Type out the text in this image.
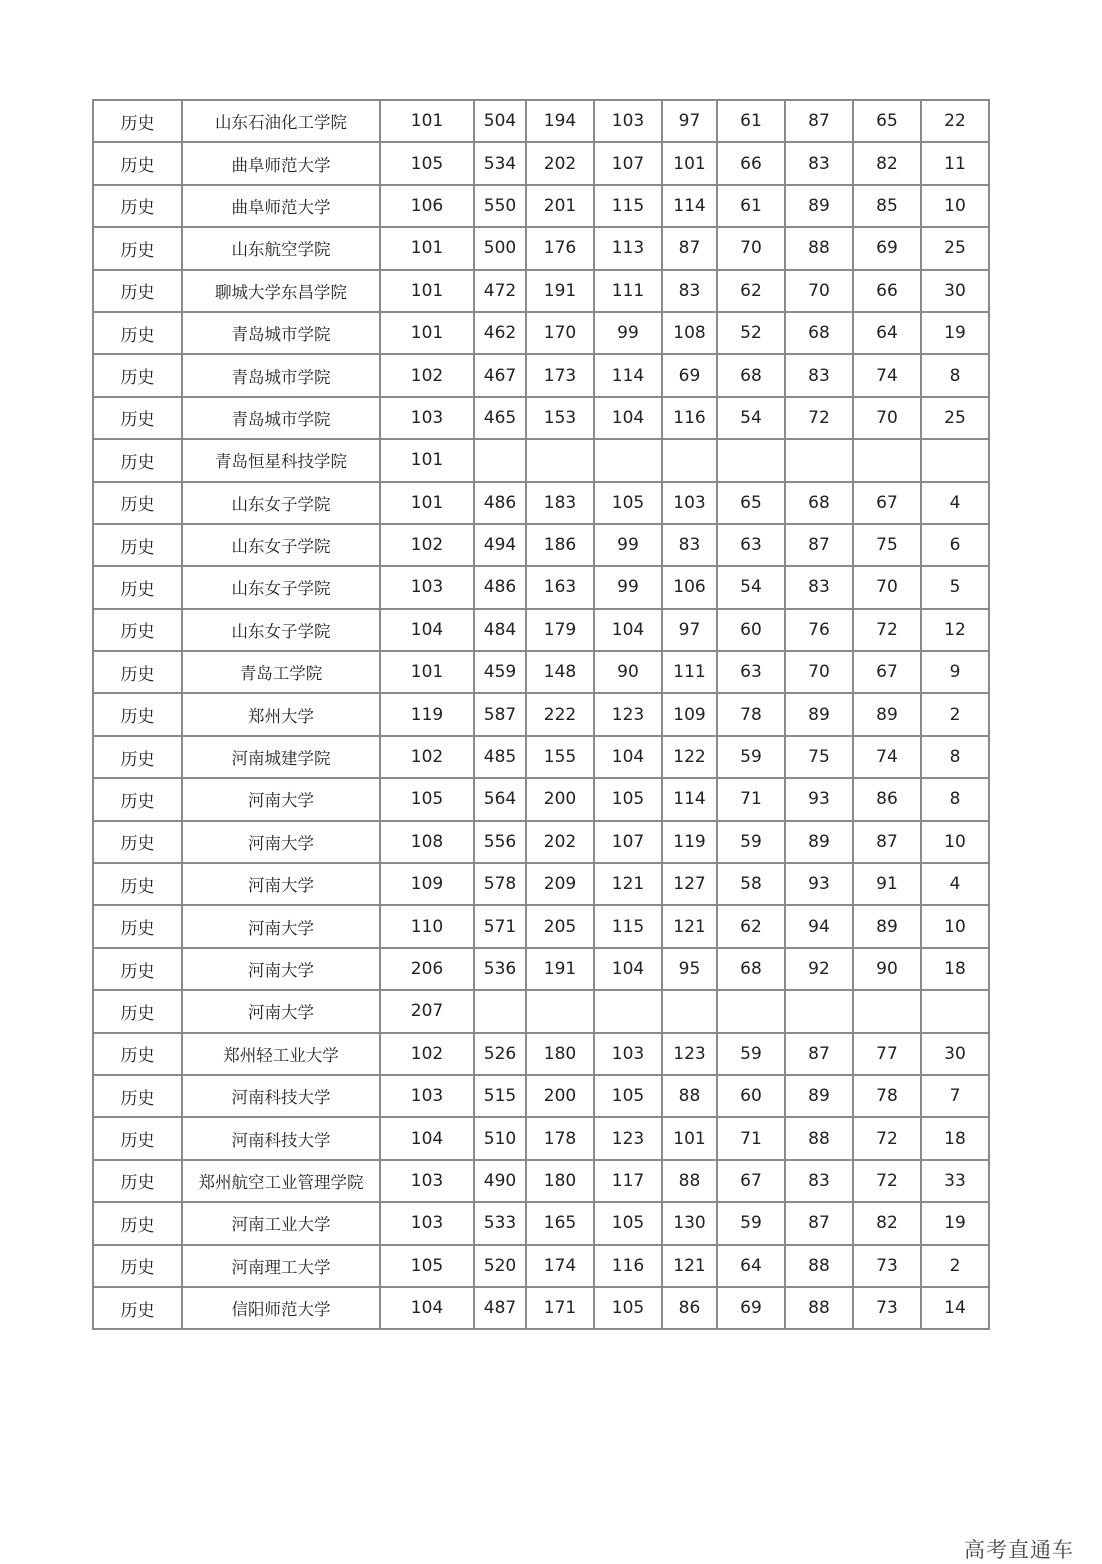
历史	山东石油化工学院	101	504	194	103	97	61	87	65	22
历史	曲阜师范大学	105	534	202	107	101	66	83	82	11
历史	曲阜师范大学	106	550	201	115	114	61	89	85	10
历史	山东航空学院	101	500	176	113	87	70	88	69	25
历史	聊城大学东昌学院	101	472	191	111	83	62	70	66	30
历史	青岛城市学院	101	462	170	99	108	52	68	64	19
历史	青岛城市学院	102	467	173	114	69	68	83	74	8
历史	青岛城市学院	103	465	153	104	116	54	72	70	25
历史	青岛恒星科技学院	101								
历史	山东女子学院	101	486	183	105	103	65	68	67	4
历史	山东女子学院	102	494	186	99	83	63	87	75	6
历史	山东女子学院	103	486	163	99	106	54	83	70	5
历史	山东女子学院	104	484	179	104	97	60	76	72	12
历史	青岛工学院	101	459	148	90	111	63	70	67	9
历史	郑州大学	119	587	222	123	109	78	89	89	2
历史	河南城建学院	102	485	155	104	122	59	75	74	8
历史	河南大学	105	564	200	105	114	71	93	86	8
历史	河南大学	108	556	202	107	119	59	89	87	10
历史	河南大学	109	578	209	121	127	58	93	91	4
历史	河南大学	110	571	205	115	121	62	94	89	10
历史	河南大学	206	536	191	104	95	68	92	90	18
历史	河南大学	207								
历史	郑州轻工业大学	102	526	180	103	123	59	87	77	30
历史	河南科技大学	103	515	200	105	88	60	89	78	7
历史	河南科技大学	104	510	178	123	101	71	88	72	18
历史	郑州航空工业管理学院	103	490	180	117	88	67	83	72	33
历史	河南工业大学	103	533	165	105	130	59	87	82	19
历史	河南理工大学	105	520	174	116	121	64	88	73	2
历史	信阳师范大学	104	487	171	105	86	69	88	73	14
高考直通车
